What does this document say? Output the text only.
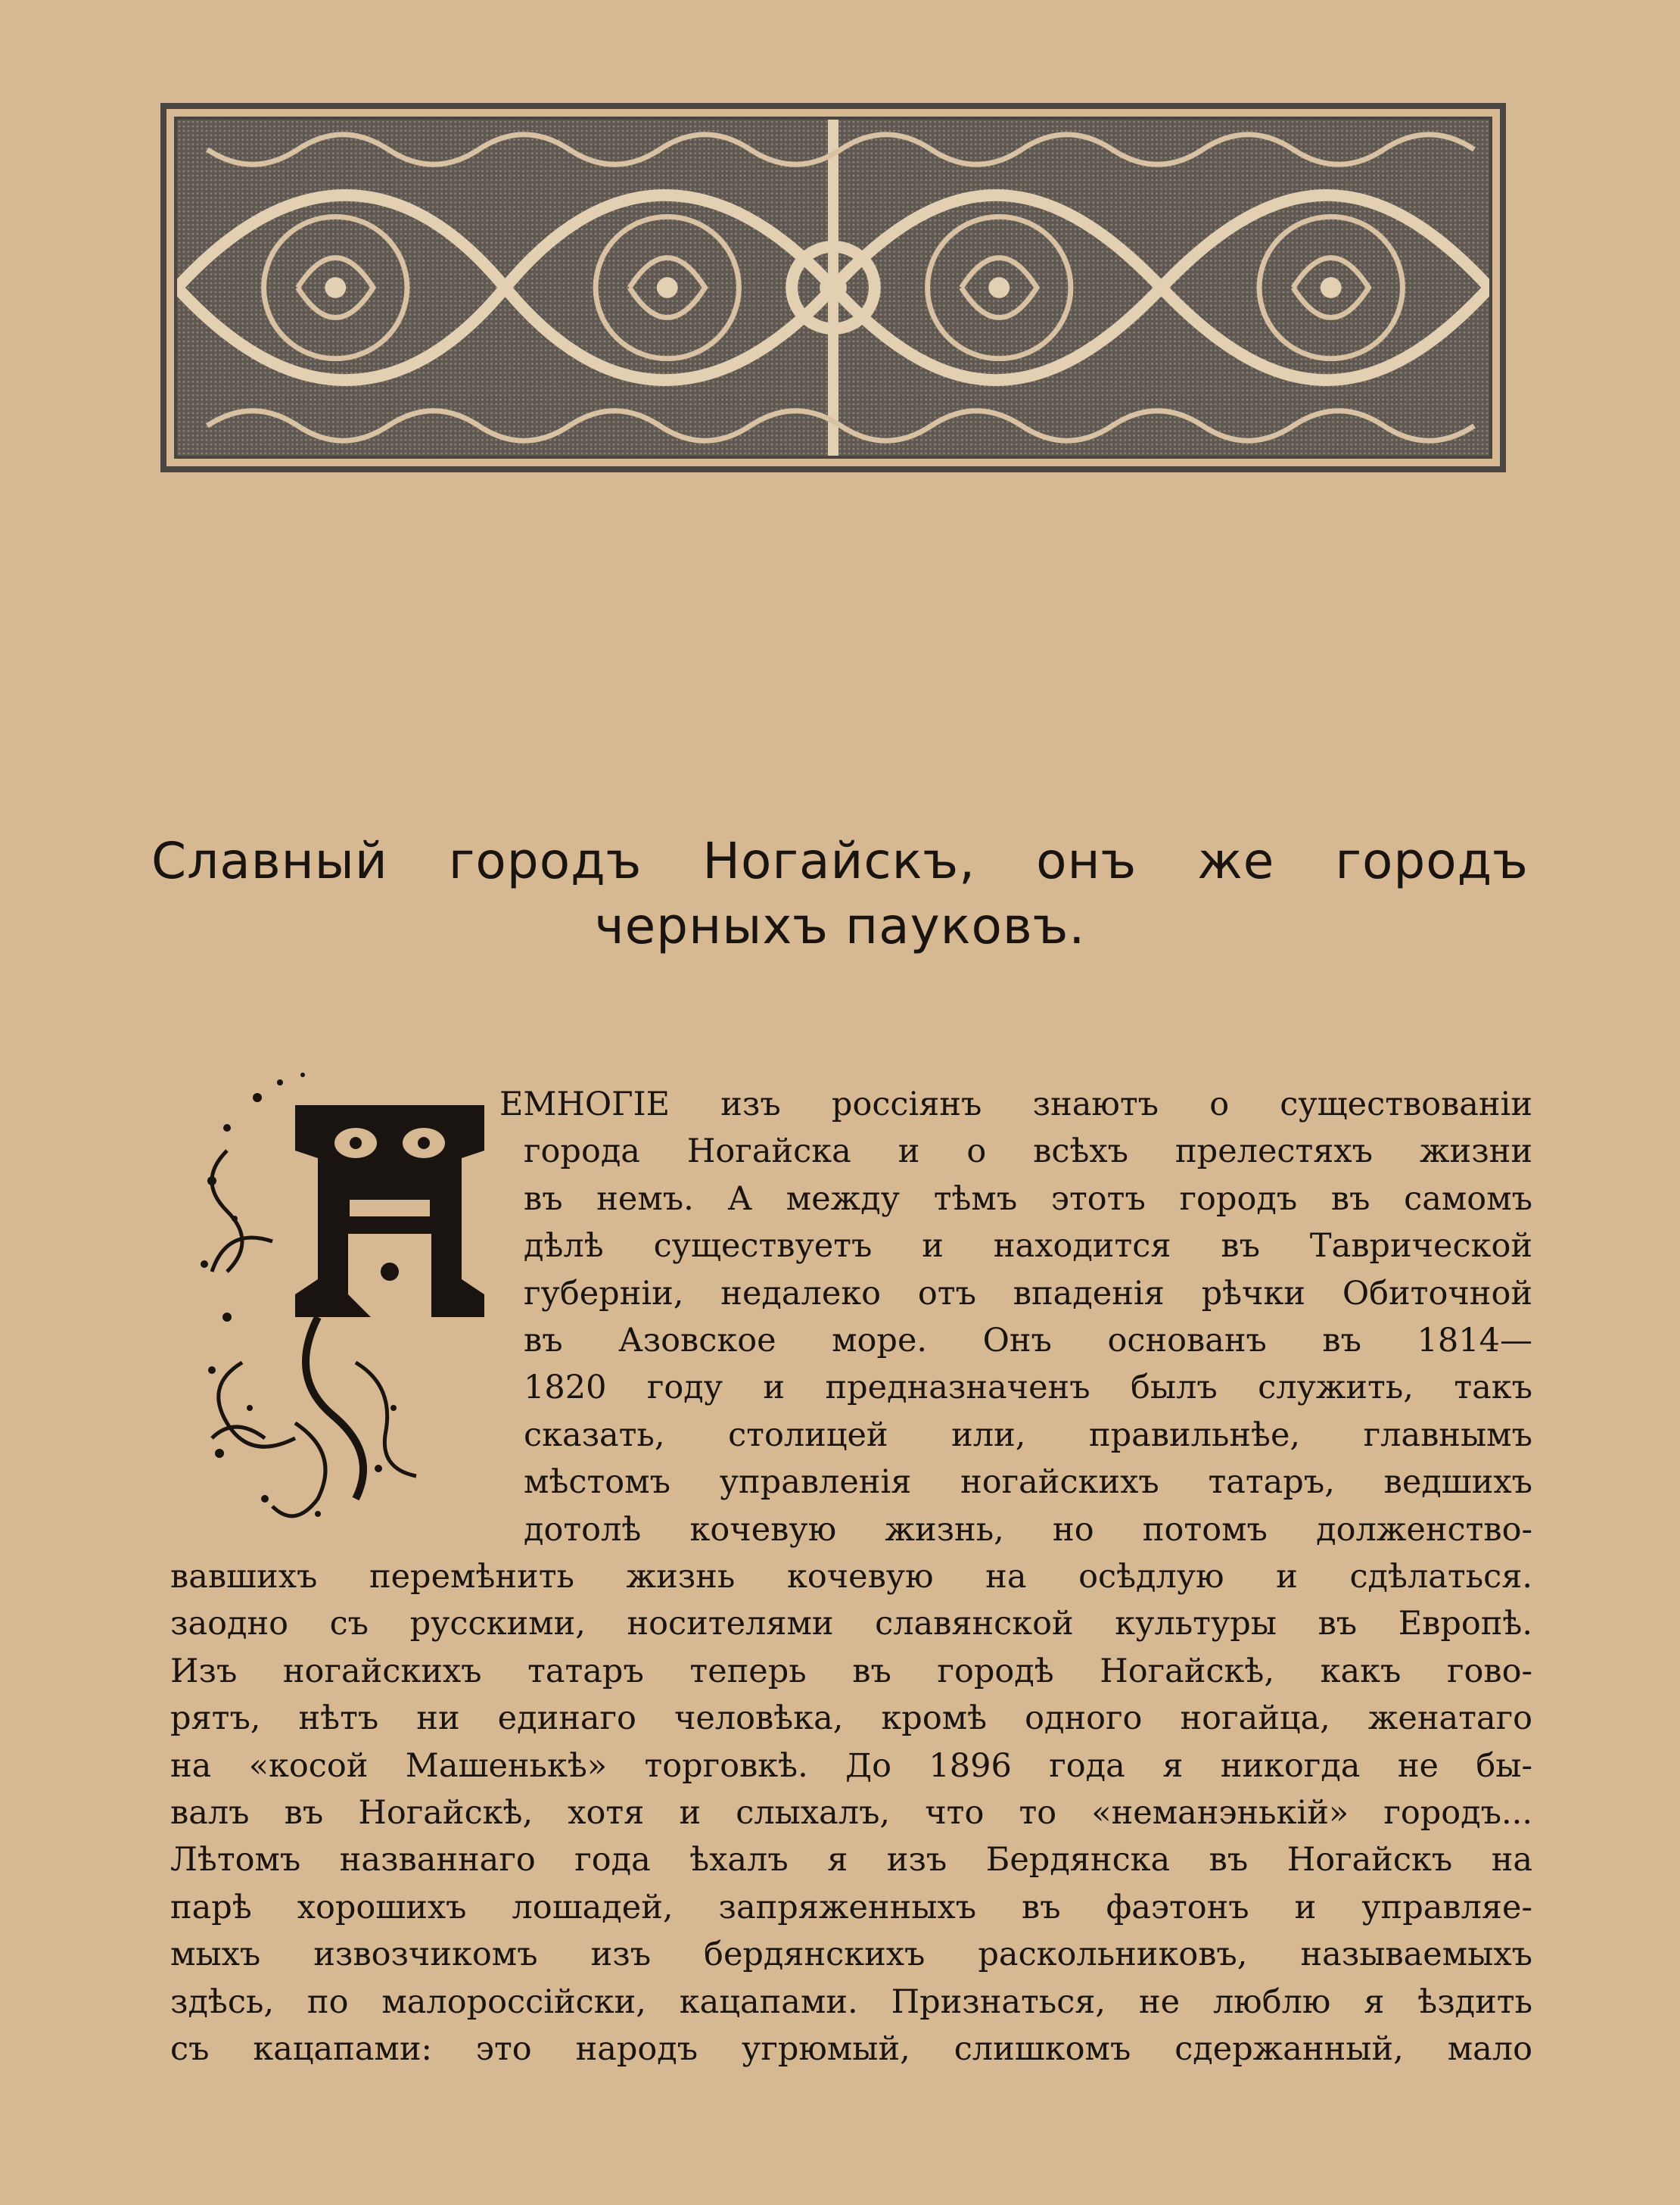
Славный городъ Ногайскъ, онъ же городъ
черныхъ пауковъ.
ЕМНОГІЕ изъ россіянъ знаютъ о существованіи
города Ногайска и о всѣхъ прелестяхъ жизни
въ немъ. А между тѣмъ этотъ городъ въ самомъ
дѣлѣ существуетъ и находится въ Таврической
губерніи, недалеко отъ впаденія рѣчки Обиточной
въ Азовское море. Онъ основанъ въ 1814—
1820 году и предназначенъ былъ служить, такъ
сказать, столицей или, правильнѣе, главнымъ
мѣстомъ управленія ногайскихъ татаръ, ведшихъ
дотолѣ кочевую жизнь, но потомъ долженство-
вавшихъ перемѣнить жизнь кочевую на осѣдлую и сдѣлаться.
заодно съ русскими, носителями славянской культуры въ Европѣ.
Изъ ногайскихъ татаръ теперь въ городѣ Ногайскѣ, какъ гово-
рятъ, нѣтъ ни единаго человѣка, кромѣ одного ногайца, женатаго
на «косой Машенькѣ» торговкѣ. До 1896 года я никогда не бы-
валъ въ Ногайскѣ, хотя и слыхалъ, что то «неманэнькій» городъ...
Лѣтомъ названнаго года ѣхалъ я изъ Бердянска въ Ногайскъ на
парѣ хорошихъ лошадей, запряженныхъ въ фаэтонъ и управляе-
мыхъ извозчикомъ изъ бердянскихъ раскольниковъ, называемыхъ
здѣсь, по малороссійски, кацапами. Признаться, не люблю я ѣздить
съ кацапами: это народъ угрюмый, слишкомъ сдержанный, мало
